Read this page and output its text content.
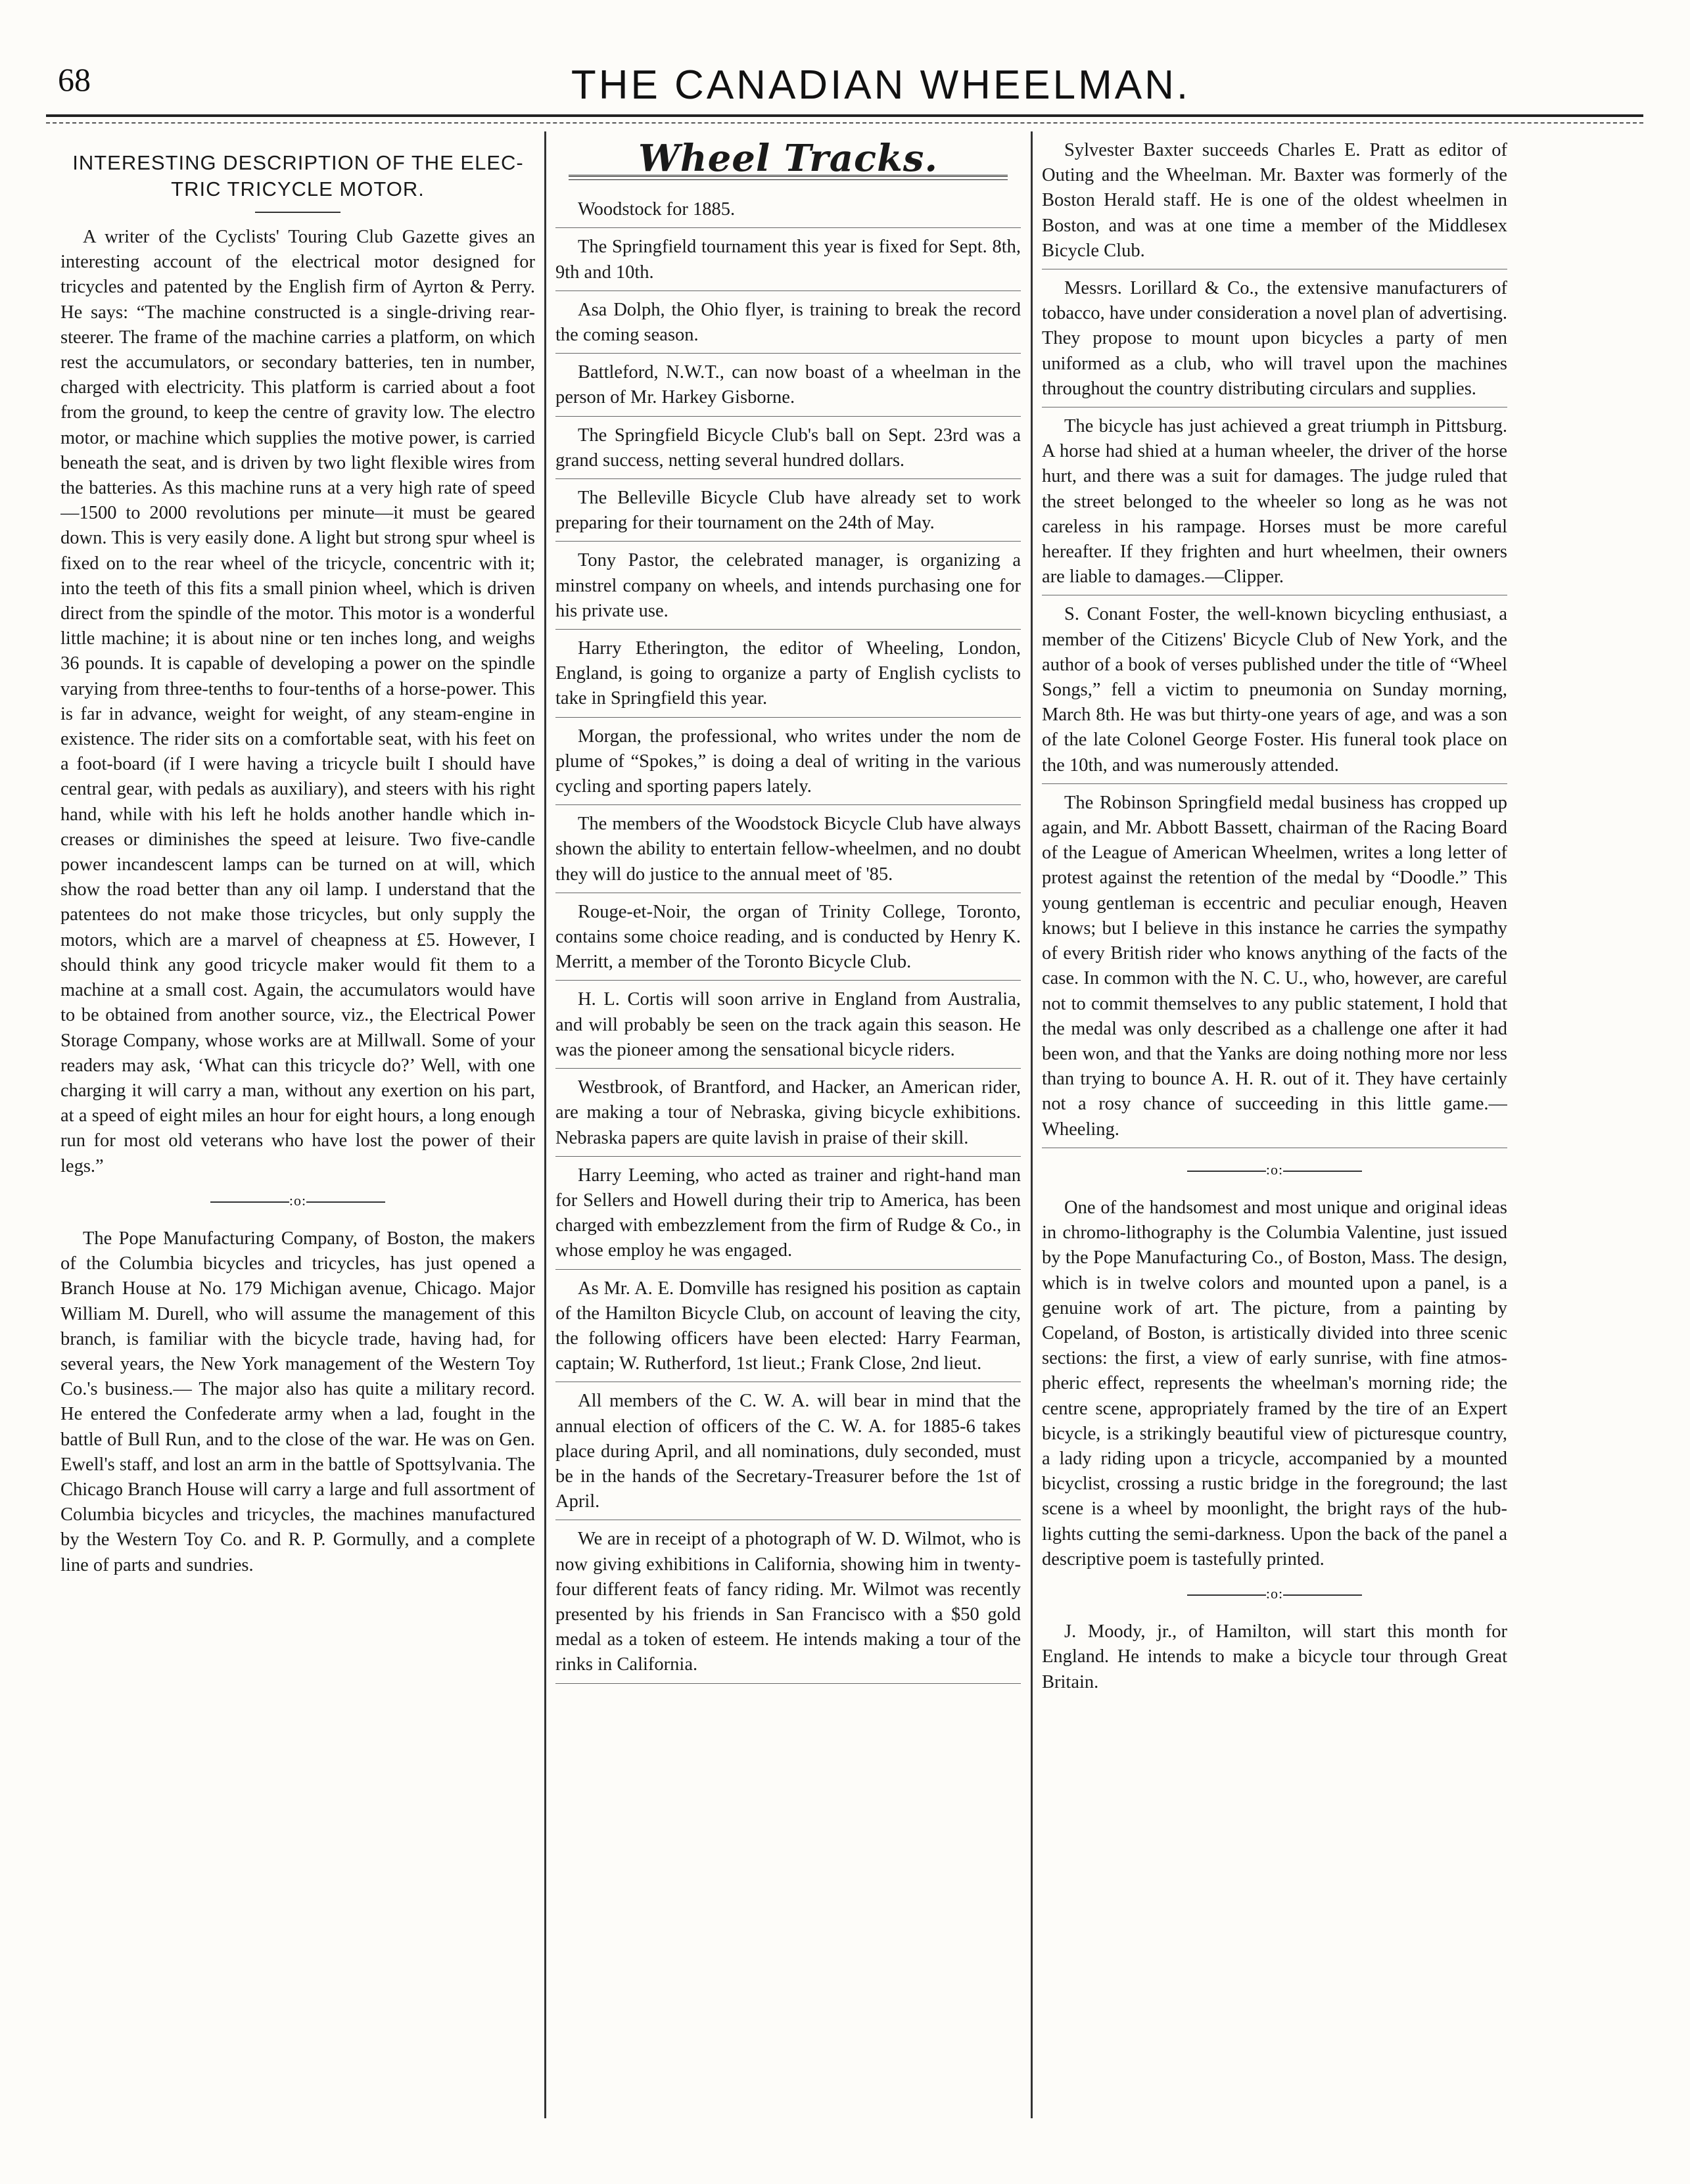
68	THE CANADIAN WHEELMAN.
INTERESTING DESCRIPTION OF THE ELECTRIC TRICYCLE MOTOR.

A writer of the Cyclists' Touring Club Gazette gives an interesting account of the electrical motor designed for tricycles and patented by the English firm of Ayrton & Perry. He says: “The machine constructed is a single-driving rear-steerer. The frame of the machine carries a platform, on which rest the accumulators, or secondary batteries, ten in number, charged with electricity. This platform is carried about a foot from the ground, to keep the centre of gravity low. The electro motor, or machine which supplies the motive power, is carried beneath the seat, and is driven by two light flexible wires from the batteries. As this machine runs at a very high rate of speed—1500 to 2000 revolutions per minute—it must be geared down. This is very easily done. A light but strong spur wheel is fixed on to the rear wheel of the tricycle, concentric with it; into the teeth of this fits a small pinion wheel, which is driven direct from the spindle of the motor. This motor is a wonderful little machine; it is about nine or ten inches long, and weighs 36 pounds. It is capable of developing a power on the spindle varying from three-tenths to four-tenths of a horse-power. This is far in advance, weight for weight, of any steam-engine in existence. The rider sits on a comfortable seat, with his feet on a foot-board (if I were having a tricycle built I should have central gear, with pedals as auxiliary), and steers with his right hand, while with his left he holds another handle which increases or diminishes the speed at leisure. Two five-candle power incandescent lamps can be turned on at will, which show the road better than any oil lamp. I understand that the patentees do not make those tricycles, but only supply the motors, which are a marvel of cheapness at £5. However, I should think any good tricycle maker would fit them to a machine at a small cost. Again, the accumulators would have to be obtained from another source, viz., the Electrical Power Storage Company, whose works are at Millwall. Some of your readers may ask, ‘What can this tricycle do?’ Well, with one charging it will carry a man, without any exertion on his part, at a speed of eight miles an hour for eight hours, a long enough run for most old veterans who have lost the power of their legs.”

:o:

The Pope Manufacturing Company, of Boston, the makers of the Columbia bicycles and tricycles, has just opened a Branch House at No. 179 Michigan avenue, Chicago. Major William M. Durell, who will assume the management of this branch, is familiar with the bicycle trade, having had, for several years, the New York management of the Western Toy Co.'s business.— The major also has quite a military record. He entered the Confederate army when a lad, fought in the battle of Bull Run, and to the close of the war. He was on Gen. Ewell's staff, and lost an arm in the battle of Spottsylvania. The Chicago Branch House will carry a large and full assortment of Columbia bicycles and tricycles, the machines manufactured by the Western Toy Co. and R. P. Gormully, and a complete line of parts and sundries.

Wheel Tracks.

Woodstock for 1885.

The Springfield tournament this year is fixed for Sept. 8th, 9th and 10th.

Asa Dolph, the Ohio flyer, is training to break the record the coming season.

Battleford, N.W.T., can now boast of a wheelman in the person of Mr. Harkey Gisborne.

The Springfield Bicycle Club's ball on Sept. 23rd was a grand success, netting several hundred dollars.

The Belleville Bicycle Club have already set to work preparing for their tournament on the 24th of May.

Tony Pastor, the celebrated manager, is organizing a minstrel company on wheels, and intends purchasing one for his private use.

Harry Etherington, the editor of Wheeling, London, England, is going to organize a party of English cyclists to take in Springfield this year.

Morgan, the professional, who writes under the nom de plume of “Spokes,” is doing a deal of writing in the various cycling and sporting papers lately.

The members of the Woodstock Bicycle Club have always shown the ability to entertain fellow-wheelmen, and no doubt they will do justice to the annual meet of '85.

Rouge-et-Noir, the organ of Trinity College, Toronto, contains some choice reading, and is conducted by Henry K. Merritt, a member of the Toronto Bicycle Club.

H. L. Cortis will soon arrive in England from Australia, and will probably be seen on the track again this season. He was the pioneer among the sensational bicycle riders.

Westbrook, of Brantford, and Hacker, an American rider, are making a tour of Nebraska, giving bicycle exhibitions. Nebraska papers are quite lavish in praise of their skill.

Harry Leeming, who acted as trainer and right-hand man for Sellers and Howell during their trip to America, has been charged with embezzlement from the firm of Rudge & Co., in whose employ he was engaged.

As Mr. A. E. Domville has resigned his position as captain of the Hamilton Bicycle Club, on account of leaving the city, the following officers have been elected: Harry Fearman, captain; W. Rutherford, 1st lieut.; Frank Close, 2nd lieut.

All members of the C. W. A. will bear in mind that the annual election of officers of the C. W. A. for 1885-6 takes place during April, and all nominations, duly seconded, must be in the hands of the Secretary-Treasurer before the 1st of April.

We are in receipt of a photograph of W. D. Wilmot, who is now giving exhibitions in California, showing him in twenty-four different feats of fancy riding. Mr. Wilmot was recently presented by his friends in San Francisco with a $50 gold medal as a token of esteem. He intends making a tour of the rinks in California.

Sylvester Baxter succeeds Charles E. Pratt as editor of Outing and the Wheelman. Mr. Baxter was formerly of the Boston Herald staff. He is one of the oldest wheelmen in Boston, and was at one time a member of the Middlesex Bicycle Club.

Messrs. Lorillard & Co., the extensive manufacturers of tobacco, have under consideration a novel plan of advertising. They propose to mount upon bicycles a party of men uniformed as a club, who will travel upon the machines throughout the country distributing circulars and supplies.

The bicycle has just achieved a great triumph in Pittsburg. A horse had shied at a human wheeler, the driver of the horse hurt, and there was a suit for damages. The judge ruled that the street belonged to the wheeler so long as he was not careless in his rampage. Horses must be more careful hereafter. If they frighten and hurt wheelmen, their owners are liable to damages.—Clipper.

S. Conant Foster, the well-known bicycling enthusiast, a member of the Citizens' Bicycle Club of New York, and the author of a book of verses published under the title of “Wheel Songs,” fell a victim to pneumonia on Sunday morning, March 8th. He was but thirty-one years of age, and was a son of the late Colonel George Foster. His funeral took place on the 10th, and was numerously attended.

The Robinson Springfield medal business has cropped up again, and Mr. Abbott Bassett, chairman of the Racing Board of the League of American Wheelmen, writes a long letter of protest against the retention of the medal by “Doodle.” This young gentleman is eccentric and peculiar enough, Heaven knows; but I believe in this instance he carries the sympathy of every British rider who knows anything of the facts of the case. In common with the N. C. U., who, however, are careful not to commit themselves to any public statement, I hold that the medal was only described as a challenge one after it had been won, and that the Yanks are doing nothing more nor less than trying to bounce A. H. R. out of it. They have certainly not a rosy chance of succeeding in this little game.—Wheeling.

:o:

One of the handsomest and most unique and original ideas in chromo-lithography is the Columbia Valentine, just issued by the Pope Manufacturing Co., of Boston, Mass. The design, which is in twelve colors and mounted upon a panel, is a genuine work of art. The picture, from a painting by Copeland, of Boston, is artistically divided into three scenic sections: the first, a view of early sunrise, with fine atmospheric effect, represents the wheelman's morning ride; the centre scene, appropriately framed by the tire of an Expert bicycle, is a strikingly beautiful view of picturesque country, a lady riding upon a tricycle, accompanied by a mounted bicyclist, crossing a rustic bridge in the foreground; the last scene is a wheel by moonlight, the bright rays of the hub-lights cutting the semi-darkness. Upon the back of the panel a descriptive poem is tastefully printed.

:o:

J. Moody, jr., of Hamilton, will start this month for England. He intends to make a bicycle tour through Great Britain.
